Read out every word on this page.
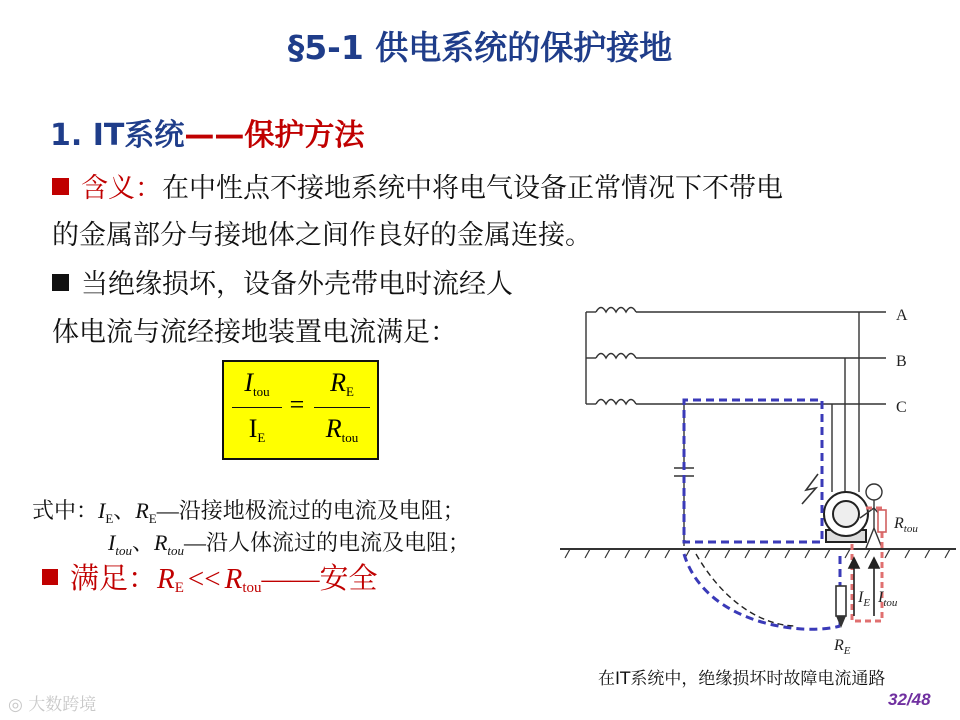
§5-1 供电系统的保护接地
1. IT系统——保护方法
含义：在中性点不接地系统中将电气设备正常情况下不带电
的金属部分与接地体之间作良好的金属连接。
当绝缘损坏，设备外壳带电时流经人
体电流与流经接地装置电流满足：
Itou
IE
=
RE
Rtou
式中：$I_E$、$R_E—$沿接地极流过的电流及电阻；
$I_{tou}$、$R_{tou}—$沿人体流过的电流及电阻；
满足：RE << Rtou——安全
A
B
C
$R_{tou}$
$I_E$ $I_{tou}$
$R_E$
在IT系统中，绝缘损坏时故障电流通路
32/48
◎ 大数跨境
